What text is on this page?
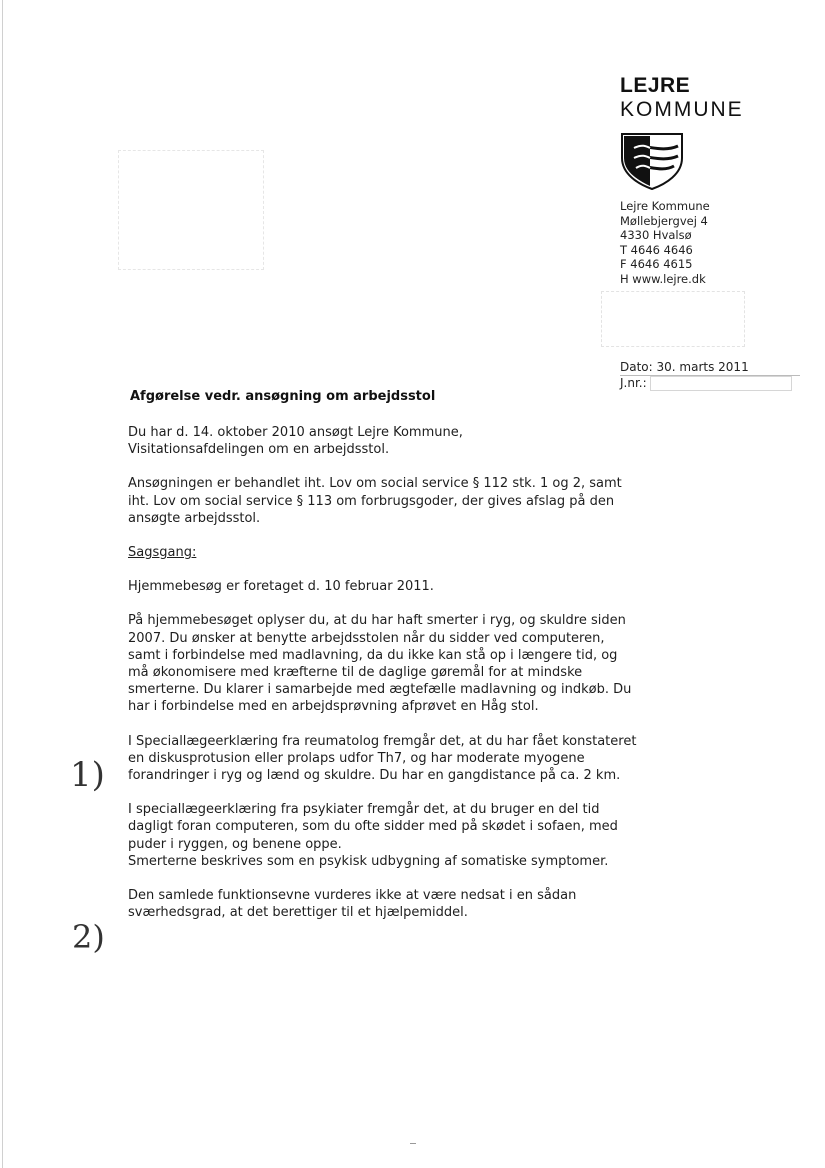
LEJRE
KOMMUNE
Lejre Kommune
Møllebjergvej 4
4330 Hvalsø
T 4646 4646
F 4646 4615
H www.lejre.dk
Dato: 30. marts 2011
J.nr.:
Afgørelse vedr. ansøgning om arbejdsstol

Du har d. 14. oktober 2010 ansøgt Lejre Kommune,

Visitationsafdelingen om en arbejdsstol.

Ansøgningen er behandlet iht. Lov om social service § 112 stk. 1 og 2, samt

iht. Lov om social service § 113 om forbrugsgoder, der gives afslag på den

ansøgte arbejdsstol.

Sagsgang:

Hjemmebesøg er foretaget d. 10 februar 2011.

På hjemmebesøget oplyser du, at du har haft smerter i ryg, og skuldre siden

2007. Du ønsker at benytte arbejdsstolen når du sidder ved computeren,

samt i forbindelse med madlavning, da du ikke kan stå op i længere tid, og

må økonomisere med kræfterne til de daglige gøremål for at mindske

smerterne. Du klarer i samarbejde med ægtefælle madlavning og indkøb. Du

har i forbindelse med en arbejdsprøvning afprøvet en Håg stol.

I Speciallægeerklæring fra reumatolog fremgår det, at du har fået konstateret

en diskusprotusion eller prolaps udfor Th7, og har moderate myogene

forandringer i ryg og lænd og skuldre. Du har en gangdistance på ca. 2 km.

I speciallægeerklæring fra psykiater fremgår det, at du bruger en del tid

dagligt foran computeren, som du ofte sidder med på skødet i sofaen, med

puder i ryggen, og benene oppe.

Smerterne beskrives som en psykisk udbygning af somatiske symptomer.

Den samlede funktionsevne vurderes ikke at være nedsat i en sådan

sværhedsgrad, at det berettiger til et hjælpemiddel.

1)
2)
